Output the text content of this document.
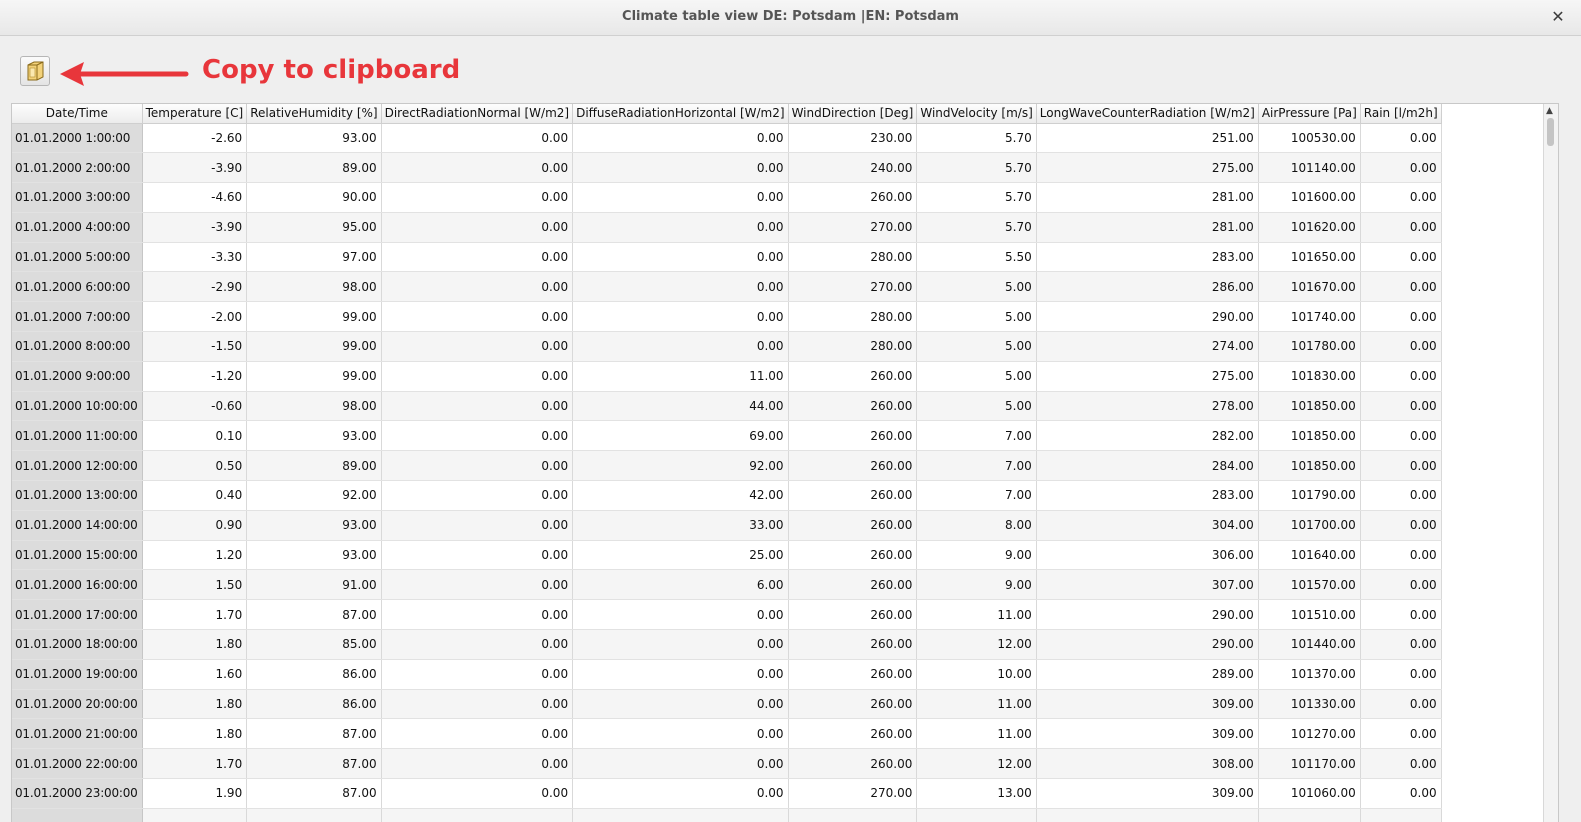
Climate table view DE: Potsdam |EN: Potsdam	✕
Copy to clipboard
Date/Time	Temperature [C]	RelativeHumidity [%]	DirectRadiationNormal [W/m2]	DiffuseRadiationHorizontal [W/m2]	WindDirection [Deg]	WindVelocity [m/s]	LongWaveCounterRadiation [W/m2]	AirPressure [Pa]	Rain [l/m2h]
01.01.2000 1:00:00	-2.60	93.00	0.00	0.00	230.00	5.70	251.00	100530.00	0.00
01.01.2000 2:00:00	-3.90	89.00	0.00	0.00	240.00	5.70	275.00	101140.00	0.00
01.01.2000 3:00:00	-4.60	90.00	0.00	0.00	260.00	5.70	281.00	101600.00	0.00
01.01.2000 4:00:00	-3.90	95.00	0.00	0.00	270.00	5.70	281.00	101620.00	0.00
01.01.2000 5:00:00	-3.30	97.00	0.00	0.00	280.00	5.50	283.00	101650.00	0.00
01.01.2000 6:00:00	-2.90	98.00	0.00	0.00	270.00	5.00	286.00	101670.00	0.00
01.01.2000 7:00:00	-2.00	99.00	0.00	0.00	280.00	5.00	290.00	101740.00	0.00
01.01.2000 8:00:00	-1.50	99.00	0.00	0.00	280.00	5.00	274.00	101780.00	0.00
01.01.2000 9:00:00	-1.20	99.00	0.00	11.00	260.00	5.00	275.00	101830.00	0.00
01.01.2000 10:00:00	-0.60	98.00	0.00	44.00	260.00	5.00	278.00	101850.00	0.00
01.01.2000 11:00:00	0.10	93.00	0.00	69.00	260.00	7.00	282.00	101850.00	0.00
01.01.2000 12:00:00	0.50	89.00	0.00	92.00	260.00	7.00	284.00	101850.00	0.00
01.01.2000 13:00:00	0.40	92.00	0.00	42.00	260.00	7.00	283.00	101790.00	0.00
01.01.2000 14:00:00	0.90	93.00	0.00	33.00	260.00	8.00	304.00	101700.00	0.00
01.01.2000 15:00:00	1.20	93.00	0.00	25.00	260.00	9.00	306.00	101640.00	0.00
01.01.2000 16:00:00	1.50	91.00	0.00	6.00	260.00	9.00	307.00	101570.00	0.00
01.01.2000 17:00:00	1.70	87.00	0.00	0.00	260.00	11.00	290.00	101510.00	0.00
01.01.2000 18:00:00	1.80	85.00	0.00	0.00	260.00	12.00	290.00	101440.00	0.00
01.01.2000 19:00:00	1.60	86.00	0.00	0.00	260.00	10.00	289.00	101370.00	0.00
01.01.2000 20:00:00	1.80	86.00	0.00	0.00	260.00	11.00	309.00	101330.00	0.00
01.01.2000 21:00:00	1.80	87.00	0.00	0.00	260.00	11.00	309.00	101270.00	0.00
01.01.2000 22:00:00	1.70	87.00	0.00	0.00	260.00	12.00	308.00	101170.00	0.00
01.01.2000 23:00:00	1.90	87.00	0.00	0.00	270.00	13.00	309.00	101060.00	0.00

▲
